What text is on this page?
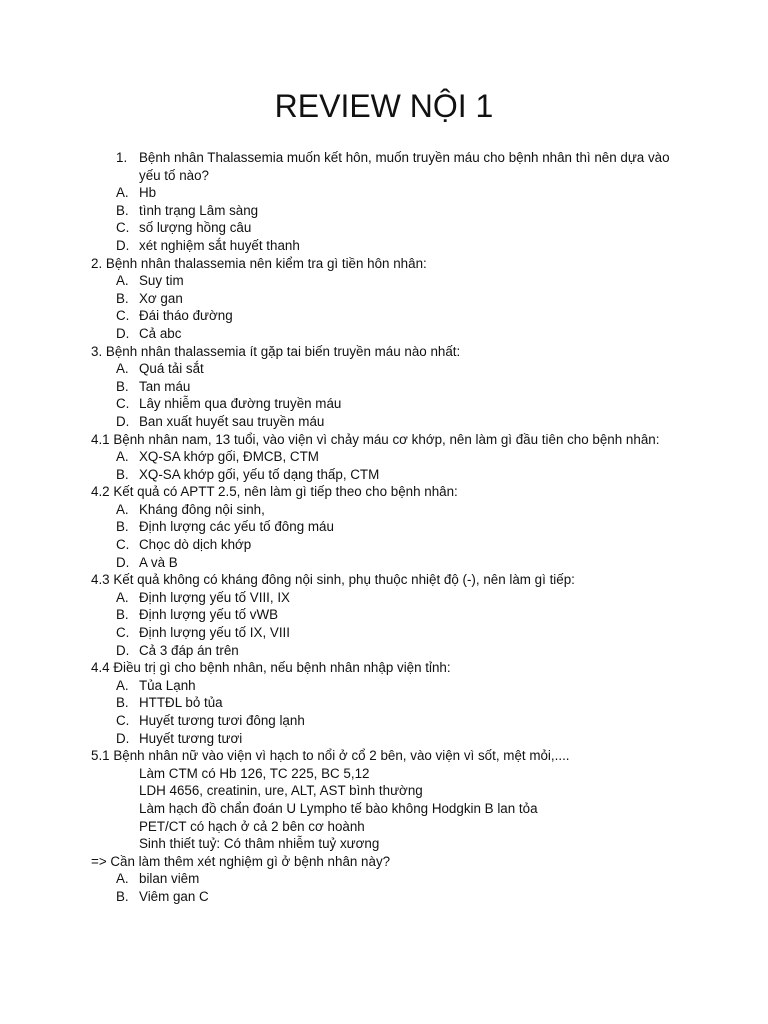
REVIEW NỘI 1
1. Bệnh nhân Thalassemia muốn kết hôn, muốn truyền máu cho bệnh nhân thì nên dựa vào yếu tố nào?
A. Hb
B. tình trạng Lâm sàng
C. số lượng hồng câu
D. xét nghiệm sắt huyết thanh
2. Bệnh nhân thalassemia nên kiểm tra gì tiền hôn nhân:
A. Suy tim
B. Xơ gan
C. Đái tháo đường
D. Cả abc
3. Bệnh nhân thalassemia ít gặp tai biến truyền máu nào nhất:
A. Quá tải sắt
B. Tan máu
C. Lây nhiễm qua đường truyền máu
D. Ban xuất huyết sau truyền máu
4.1 Bệnh nhân nam, 13 tuổi, vào viện vì chảy máu cơ khớp, nên làm gì đầu tiên cho bệnh nhân:
A. XQ-SA khớp gối, ĐMCB, CTM
B. XQ-SA khớp gối, yếu tố dạng thấp, CTM
4.2 Kết quả có APTT 2.5, nên làm gì tiếp theo cho bệnh nhân:
A. Kháng đông nội sinh,
B. Định lượng các yếu tố đông máu
C. Chọc dò dịch khớp
D. A và B
4.3 Kết quả không có kháng đông nội sinh, phụ thuộc nhiệt độ (-), nên làm gì tiếp:
A. Định lượng yếu tố VIII, IX
B. Định lượng yếu tố vWB
C. Định lượng yếu tố IX, VIII
D. Cả 3 đáp án trên
4.4 Điều trị gì cho bệnh nhân, nếu bệnh nhân nhập viện tỉnh:
A. Tủa Lạnh
B. HTTĐL bỏ tủa
C. Huyết tương tươi đông lạnh
D. Huyết tương tươi
5.1 Bệnh nhân nữ vào viện vì hạch to nổi ở cổ 2 bên, vào viện vì sốt, mệt mỏi,....
Làm CTM có Hb 126, TC 225, BC 5,12
LDH 4656, creatinin, ure, ALT, AST bình thường
Làm hạch đồ chẩn đoán U Lympho tế bào không Hodgkin B lan tỏa
PET/CT có hạch ở cả 2 bên cơ hoành
Sinh thiết tuỷ: Có thâm nhiễm tuỷ xương
=> Cần làm thêm xét nghiệm gì ở bệnh nhân này?
A. bilan viêm
B. Viêm gan C
